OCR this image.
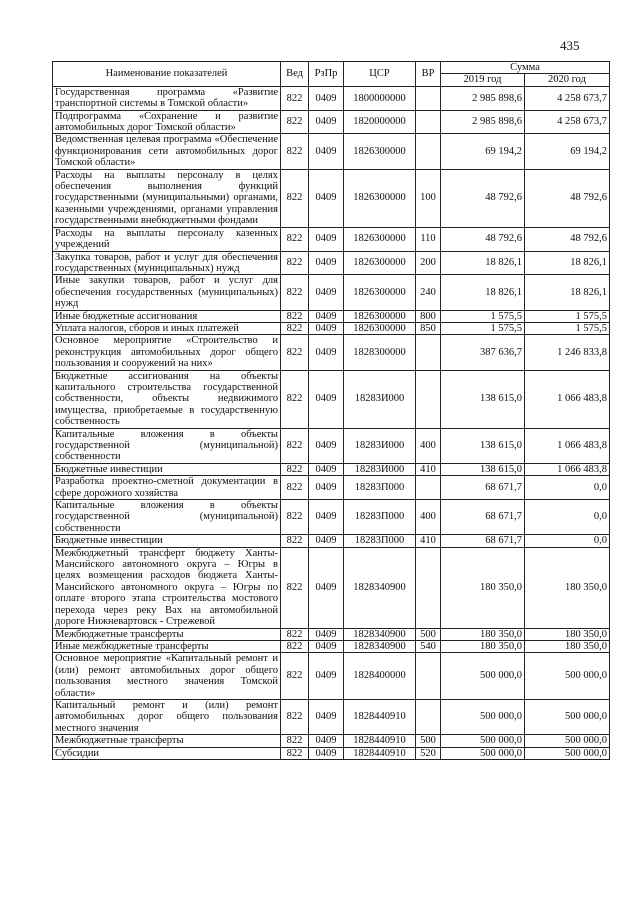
435
Наименование показателей	Вед	РзПр	ЦСР	ВР	Сумма	
					2019 год	2020 год
Государственная программа «Развитие транспортной системы в Томской области»	822	0409	1800000000		2 985 898,6	4 258 673,7
Подпрограмма «Сохранение и развитие автомобильных дорог Томской области»	822	0409	1820000000		2 985 898,6	4 258 673,7
Ведомственная целевая программа «Обеспечение функционирования сети автомобильных дорог Томской области»	822	0409	1826300000		69 194,2	69 194,2
Расходы на выплаты персоналу в целях обеспечения выполнения функций государственными (муниципальными) органами, казенными учреждениями, органами управления государственными внебюджетными фондами	822	0409	1826300000	100	48 792,6	48 792,6
Расходы на выплаты персоналу казенных учреждений	822	0409	1826300000	110	48 792,6	48 792,6
Закупка товаров, работ и услуг для обеспечения государственных (муниципальных) нужд	822	0409	1826300000	200	18 826,1	18 826,1
Иные закупки товаров, работ и услуг для обеспечения государственных (муниципальных) нужд	822	0409	1826300000	240	18 826,1	18 826,1
Иные бюджетные ассигнования	822	0409	1826300000	800	1 575,5	1 575,5
Уплата налогов, сборов и иных платежей	822	0409	1826300000	850	1 575,5	1 575,5
Основное мероприятие «Строительство и реконструкция автомобильных дорог общего пользования и сооружений на них»	822	0409	1828300000		387 636,7	1 246 833,8
Бюджетные ассигнования на объекты капитального строительства государственной собственности, объекты недвижимого имущества, приобретаемые в государственную собственность	822	0409	18283И000		138 615,0	1 066 483,8
Капитальные вложения в объекты государственной (муниципальной) собственности	822	0409	18283И000	400	138 615,0	1 066 483,8
Бюджетные инвестиции	822	0409	18283И000	410	138 615,0	1 066 483,8
Разработка проектно-сметной документации в сфере дорожного хозяйства	822	0409	18283П000		68 671,7	0,0
Капитальные вложения в объекты государственной (муниципальной) собственности	822	0409	18283П000	400	68 671,7	0,0
Бюджетные инвестиции	822	0409	18283П000	410	68 671,7	0,0
Межбюджетный трансферт бюджету Ханты-Мансийского автономного округа – Югры в целях возмещения расходов бюджета Ханты-Мансийского автономного округа – Югры по оплате второго этапа строительства мостового перехода через реку Вах на автомобильной дороге Нижневартовск - Стрежевой	822	0409	1828340900		180 350,0	180 350,0
Межбюджетные трансферты	822	0409	1828340900	500	180 350,0	180 350,0
Иные межбюджетные трансферты	822	0409	1828340900	540	180 350,0	180 350,0
Основное мероприятие «Капитальный ремонт и (или) ремонт автомобильных дорог общего пользования местного значения Томской области»	822	0409	1828400000		500 000,0	500 000,0
Капитальный ремонт и (или) ремонт автомобильных дорог общего пользования местного значения	822	0409	1828440910		500 000,0	500 000,0
Межбюджетные трансферты	822	0409	1828440910	500	500 000,0	500 000,0
Субсидии	822	0409	1828440910	520	500 000,0	500 000,0
